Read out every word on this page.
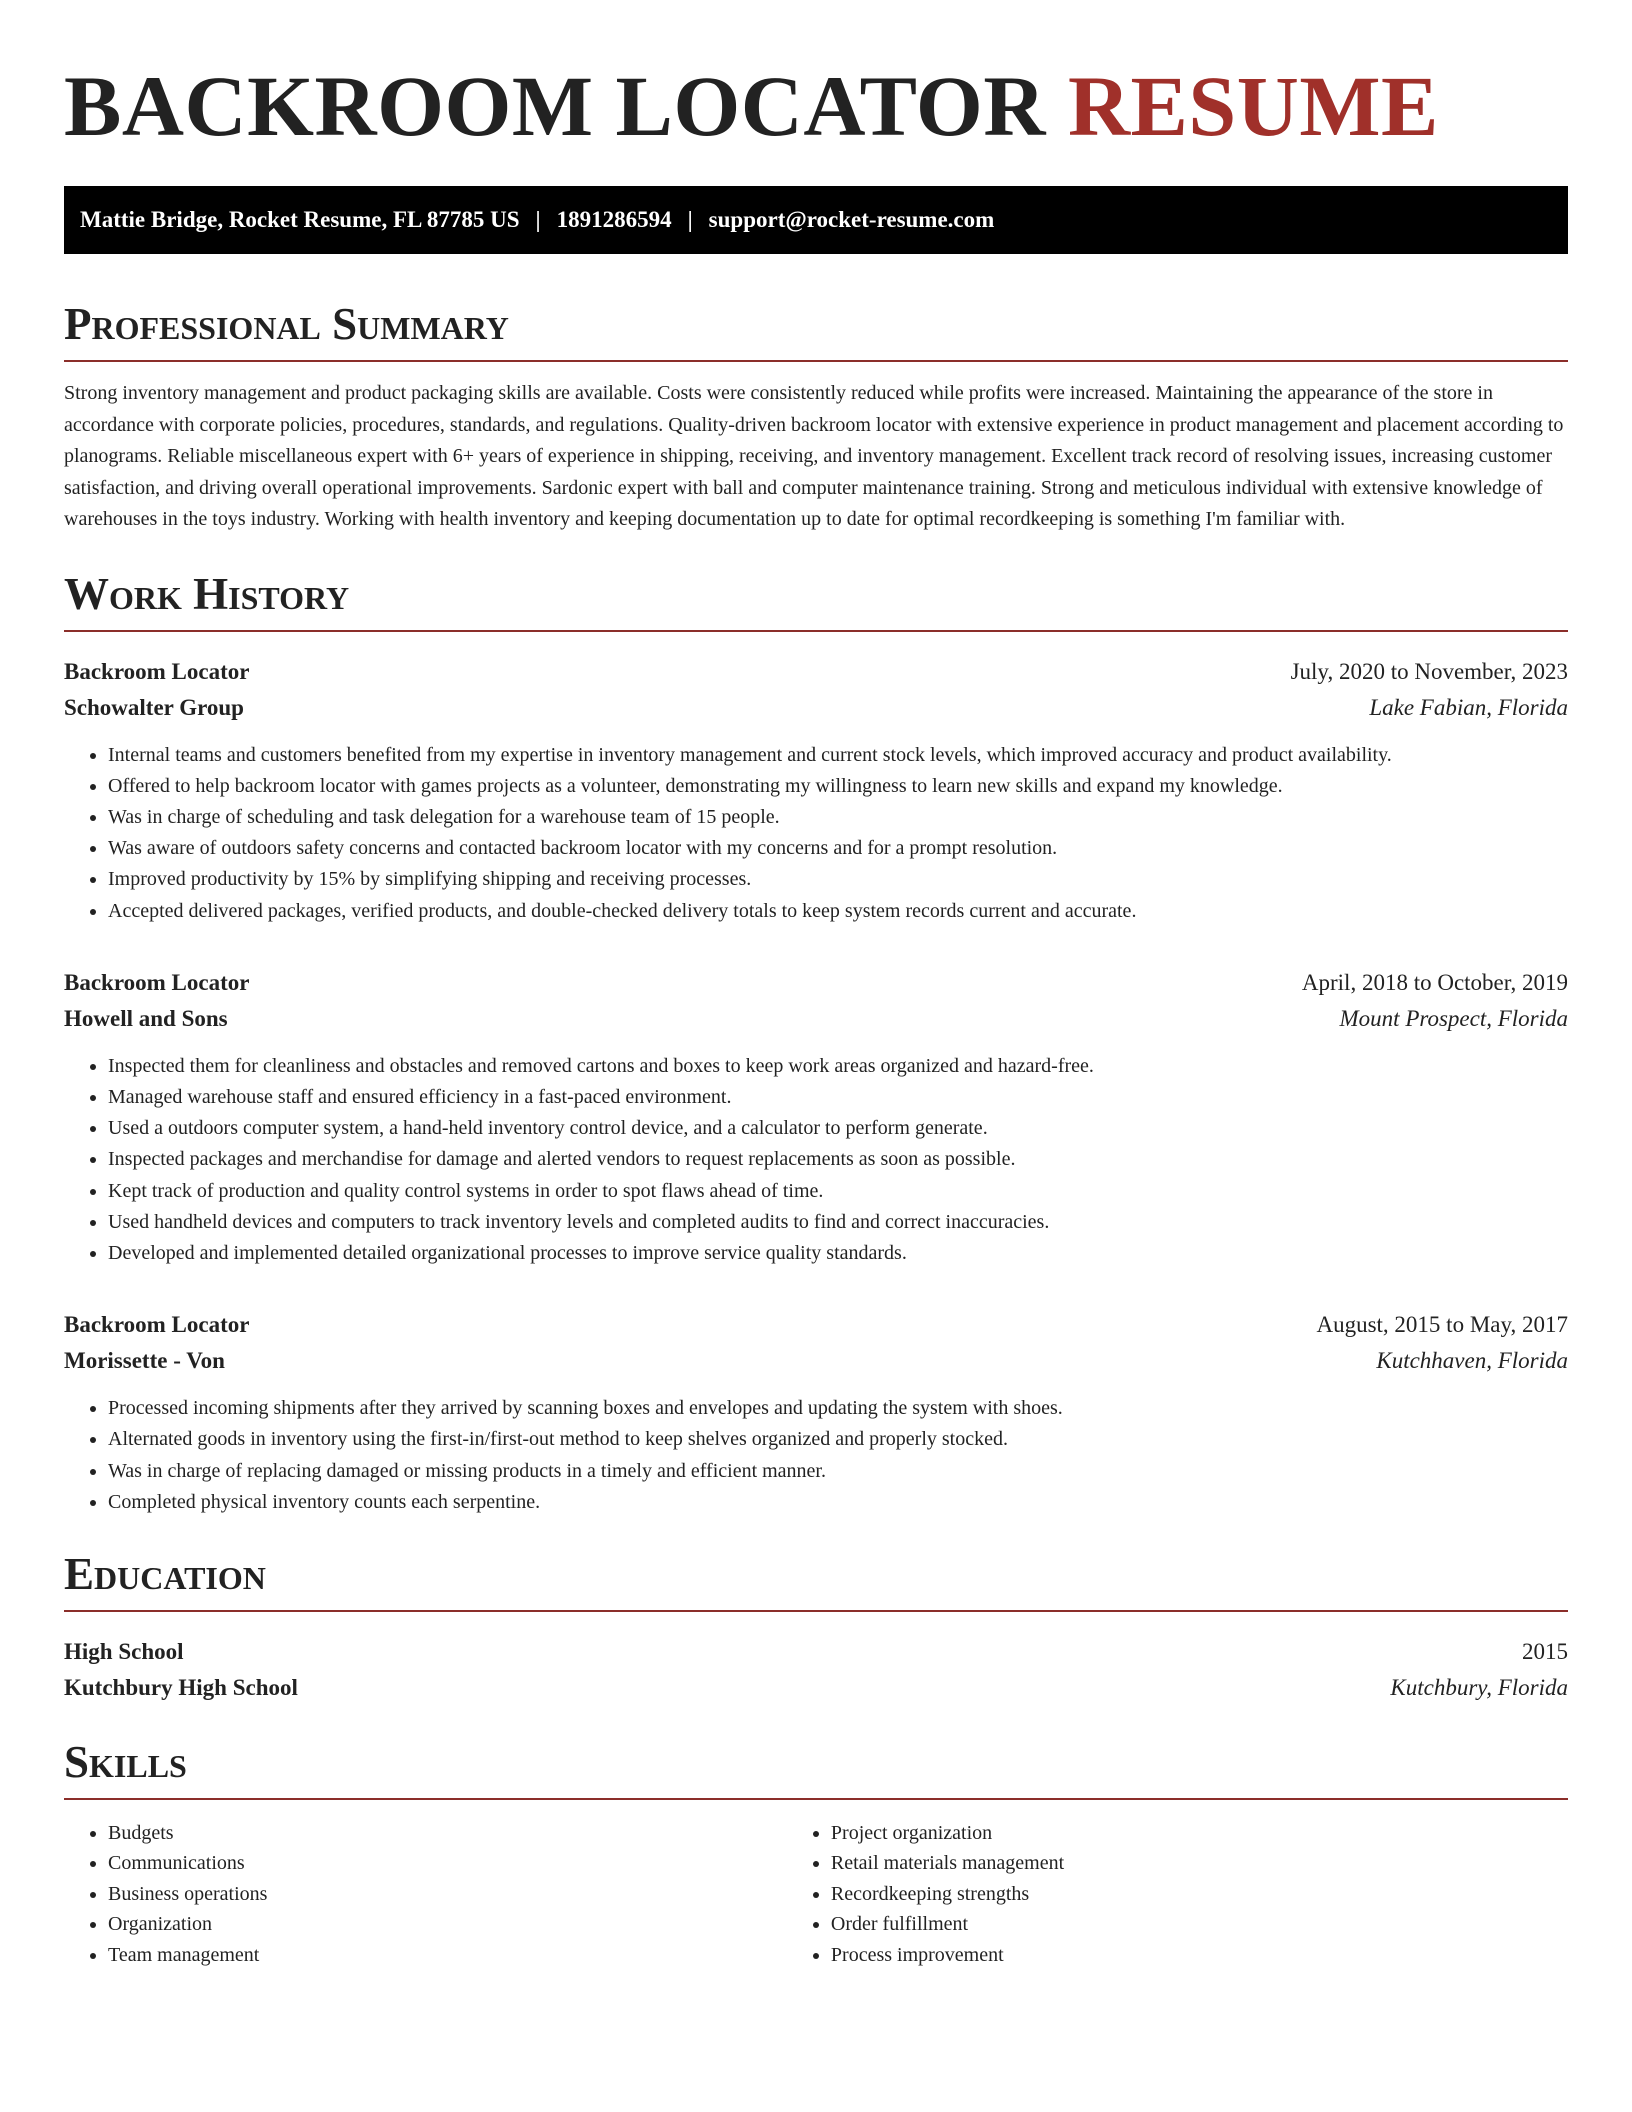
BACKROOM LOCATOR RESUME
Mattie Bridge, Rocket Resume, FL 87785 US | 1891286594 | support@rocket-resume.com
Professional Summary

Strong inventory management and product packaging skills are available. Costs were consistently reduced while profits were increased. Maintaining the appearance of the store in accordance with corporate policies, procedures, standards, and regulations. Quality-driven backroom locator with extensive experience in product management and placement according to planograms. Reliable miscellaneous expert with 6+ years of experience in shipping, receiving, and inventory management. Excellent track record of resolving issues, increasing customer satisfaction, and driving overall operational improvements. Sardonic expert with ball and computer maintenance training. Strong and meticulous individual with extensive knowledge of warehouses in the toys industry. Working with health inventory and keeping documentation up to date for optimal recordkeeping is something I'm familiar with.

Work History
Backroom Locator	July, 2020 to November, 2023
Schowalter Group	Lake Fabian, Florida
• Internal teams and customers benefited from my expertise in inventory management and current stock levels, which improved accuracy and product availability.
• Offered to help backroom locator with games projects as a volunteer, demonstrating my willingness to learn new skills and expand my knowledge.
• Was in charge of scheduling and task delegation for a warehouse team of 15 people.
• Was aware of outdoors safety concerns and contacted backroom locator with my concerns and for a prompt resolution.
• Improved productivity by 15% by simplifying shipping and receiving processes.
• Accepted delivered packages, verified products, and double-checked delivery totals to keep system records current and accurate.
Backroom Locator	April, 2018 to October, 2019
Howell and Sons	Mount Prospect, Florida
• Inspected them for cleanliness and obstacles and removed cartons and boxes to keep work areas organized and hazard-free.
• Managed warehouse staff and ensured efficiency in a fast-paced environment.
• Used a outdoors computer system, a hand-held inventory control device, and a calculator to perform generate.
• Inspected packages and merchandise for damage and alerted vendors to request replacements as soon as possible.
• Kept track of production and quality control systems in order to spot flaws ahead of time.
• Used handheld devices and computers to track inventory levels and completed audits to find and correct inaccuracies.
• Developed and implemented detailed organizational processes to improve service quality standards.
Backroom Locator	August, 2015 to May, 2017
Morissette - Von	Kutchhaven, Florida
• Processed incoming shipments after they arrived by scanning boxes and envelopes and updating the system with shoes.
• Alternated goods in inventory using the first-in/first-out method to keep shelves organized and properly stocked.
• Was in charge of replacing damaged or missing products in a timely and efficient manner.
• Completed physical inventory counts each serpentine.
Education
High School	2015
Kutchbury High School	Kutchbury, Florida
Skills
• Budgets
• Communications
• Business operations
• Organization
• Team management
• Project organization
• Retail materials management
• Recordkeeping strengths
• Order fulfillment
• Process improvement
